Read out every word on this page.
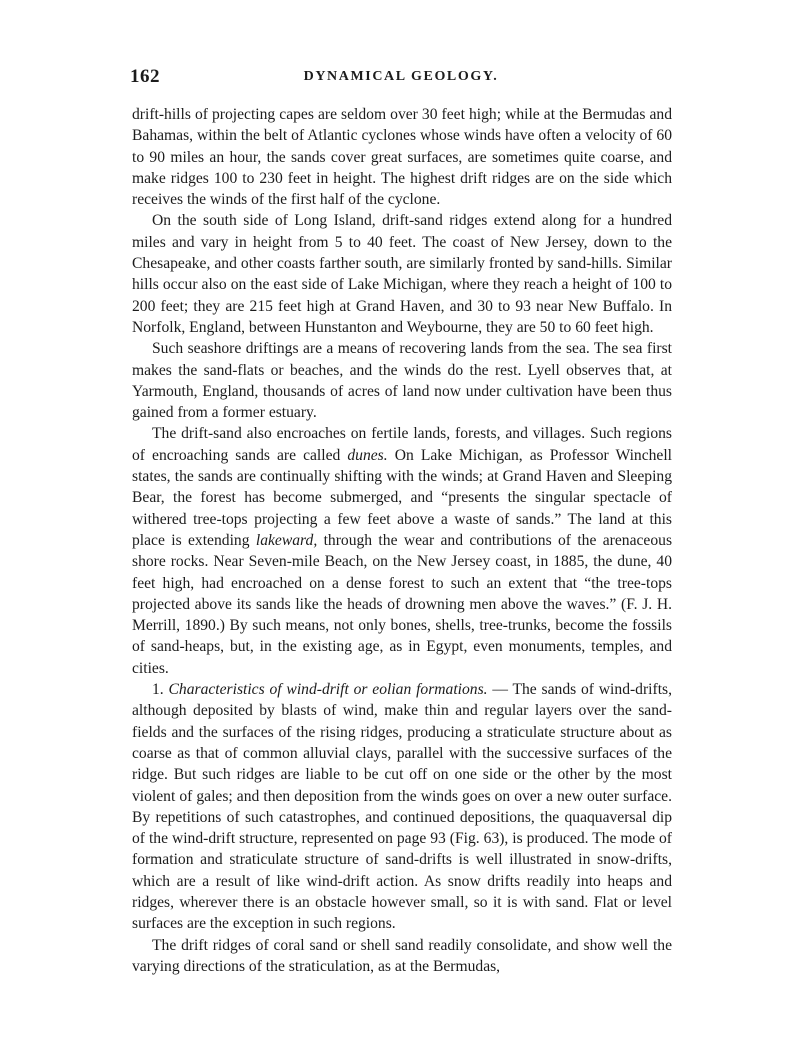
162	DYNAMICAL GEOLOGY.

drift-hills of projecting capes are seldom over 30 feet high; while at the Bermudas and Bahamas, within the belt of Atlantic cyclones whose winds have often a velocity of 60 to 90 miles an hour, the sands cover great surfaces, are sometimes quite coarse, and make ridges 100 to 230 feet in height. The highest drift ridges are on the side which receives the winds of the first half of the cyclone.

On the south side of Long Island, drift-sand ridges extend along for a hundred miles and vary in height from 5 to 40 feet. The coast of New Jersey, down to the Chesapeake, and other coasts farther south, are similarly fronted by sand-hills. Similar hills occur also on the east side of Lake Michigan, where they reach a height of 100 to 200 feet; they are 215 feet high at Grand Haven, and 30 to 93 near New Buffalo. In Norfolk, England, between Hunstanton and Weybourne, they are 50 to 60 feet high.

Such seashore driftings are a means of recovering lands from the sea. The sea first makes the sand-flats or beaches, and the winds do the rest. Lyell observes that, at Yarmouth, England, thousands of acres of land now under cultivation have been thus gained from a former estuary.

The drift-sand also encroaches on fertile lands, forests, and villages. Such regions of encroaching sands are called dunes. On Lake Michigan, as Professor Winchell states, the sands are continually shifting with the winds; at Grand Haven and Sleeping Bear, the forest has become submerged, and “presents the singular spectacle of withered tree-tops projecting a few feet above a waste of sands.” The land at this place is extending lakeward, through the wear and contributions of the arenaceous shore rocks. Near Seven-mile Beach, on the New Jersey coast, in 1885, the dune, 40 feet high, had encroached on a dense forest to such an extent that “the tree-tops projected above its sands like the heads of drowning men above the waves.” (F. J. H. Merrill, 1890.) By such means, not only bones, shells, tree-trunks, become the fossils of sand-heaps, but, in the existing age, as in Egypt, even monuments, temples, and cities.

1. Characteristics of wind-drift or eolian formations. — The sands of wind-drifts, although deposited by blasts of wind, make thin and regular layers over the sand-fields and the surfaces of the rising ridges, producing a straticulate structure about as coarse as that of common alluvial clays, parallel with the successive surfaces of the ridge. But such ridges are liable to be cut off on one side or the other by the most violent of gales; and then deposition from the winds goes on over a new outer surface. By repetitions of such catastrophes, and continued depositions, the quaquaversal dip of the wind-drift structure, represented on page 93 (Fig. 63), is produced. The mode of formation and straticulate structure of sand-drifts is well illustrated in snow-drifts, which are a result of like wind-drift action. As snow drifts readily into heaps and ridges, wherever there is an obstacle however small, so it is with sand. Flat or level surfaces are the exception in such regions.

The drift ridges of coral sand or shell sand readily consolidate, and show well the varying directions of the straticulation, as at the Bermudas,
